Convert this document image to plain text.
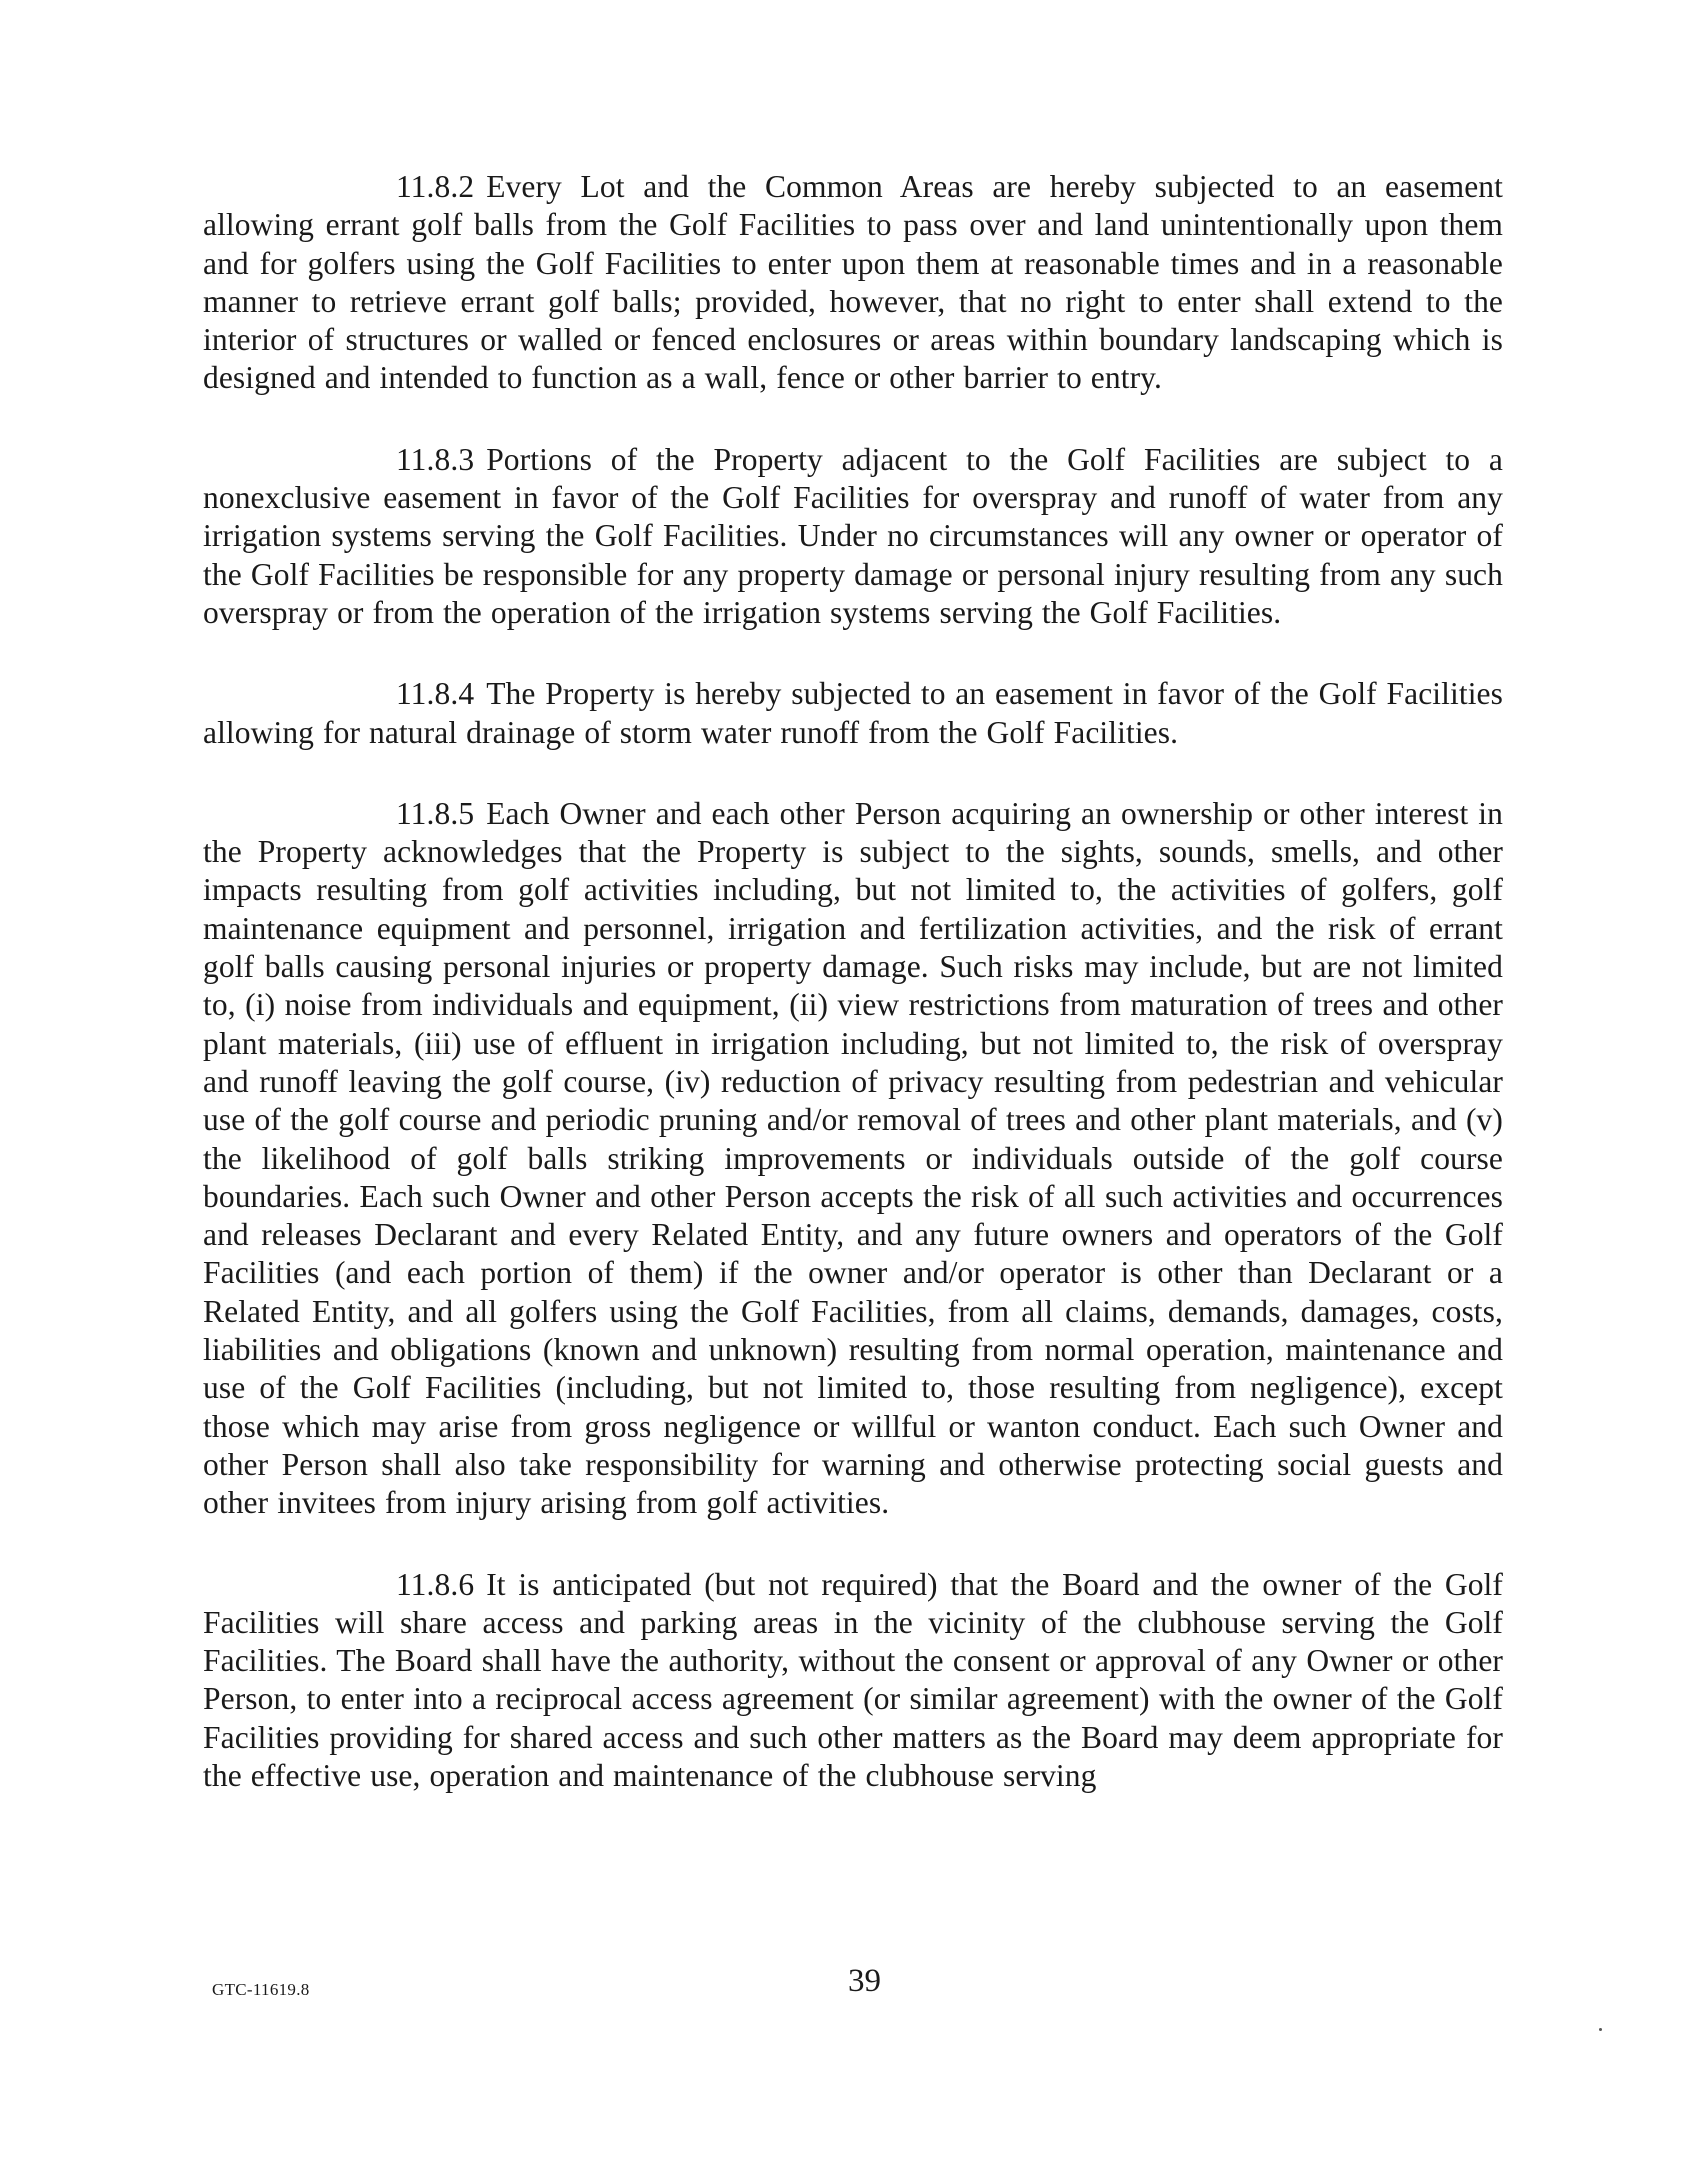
11.8.2 Every Lot and the Common Areas are hereby subjected to an easement allowing errant golf balls from the Golf Facilities to pass over and land unintentionally upon them and for golfers using the Golf Facilities to enter upon them at reasonable times and in a reasonable manner to retrieve errant golf balls; provided, however, that no right to enter shall extend to the interior of structures or walled or fenced enclosures or areas within boundary landscaping which is designed and intended to function as a wall, fence or other barrier to entry.

11.8.3 Portions of the Property adjacent to the Golf Facilities are subject to a nonexclusive easement in favor of the Golf Facilities for overspray and runoff of water from any irrigation systems serving the Golf Facilities. Under no circumstances will any owner or operator of the Golf Facilities be responsible for any property damage or personal injury resulting from any such overspray or from the operation of the irrigation systems serving the Golf Facilities.

11.8.4 The Property is hereby subjected to an easement in favor of the Golf Facilities allowing for natural drainage of storm water runoff from the Golf Facilities.

11.8.5 Each Owner and each other Person acquiring an ownership or other interest in the Property acknowledges that the Property is subject to the sights, sounds, smells, and other impacts resulting from golf activities including, but not limited to, the activities of golfers, golf maintenance equipment and personnel, irrigation and fertilization activities, and the risk of errant golf balls causing personal injuries or property damage. Such risks may include, but are not limited to, (i) noise from individuals and equipment, (ii) view restrictions from maturation of trees and other plant materials, (iii) use of effluent in irrigation including, but not limited to, the risk of overspray and runoff leaving the golf course, (iv) reduction of privacy resulting from pedestrian and vehicular use of the golf course and periodic pruning and/or removal of trees and other plant materials, and (v) the likelihood of golf balls striking improvements or individuals outside of the golf course boundaries. Each such Owner and other Person accepts the risk of all such activities and occurrences and releases Declarant and every Related Entity, and any future owners and operators of the Golf Facilities (and each portion of them) if the owner and/or operator is other than Declarant or a Related Entity, and all golfers using the Golf Facilities, from all claims, demands, damages, costs, liabilities and obligations (known and unknown) resulting from normal operation, maintenance and use of the Golf Facilities (including, but not limited to, those resulting from negligence), except those which may arise from gross negligence or willful or wanton conduct. Each such Owner and other Person shall also take responsibility for warning and otherwise protecting social guests and other invitees from injury arising from golf activities.

11.8.6 It is anticipated (but not required) that the Board and the owner of the Golf Facilities will share access and parking areas in the vicinity of the clubhouse serving the Golf Facilities. The Board shall have the authority, without the consent or approval of any Owner or other Person, to enter into a reciprocal access agreement (or similar agreement) with the owner of the Golf Facilities providing for shared access and such other matters as the Board may deem appropriate for the effective use, operation and maintenance of the clubhouse serving

GTC-11619.8	39
